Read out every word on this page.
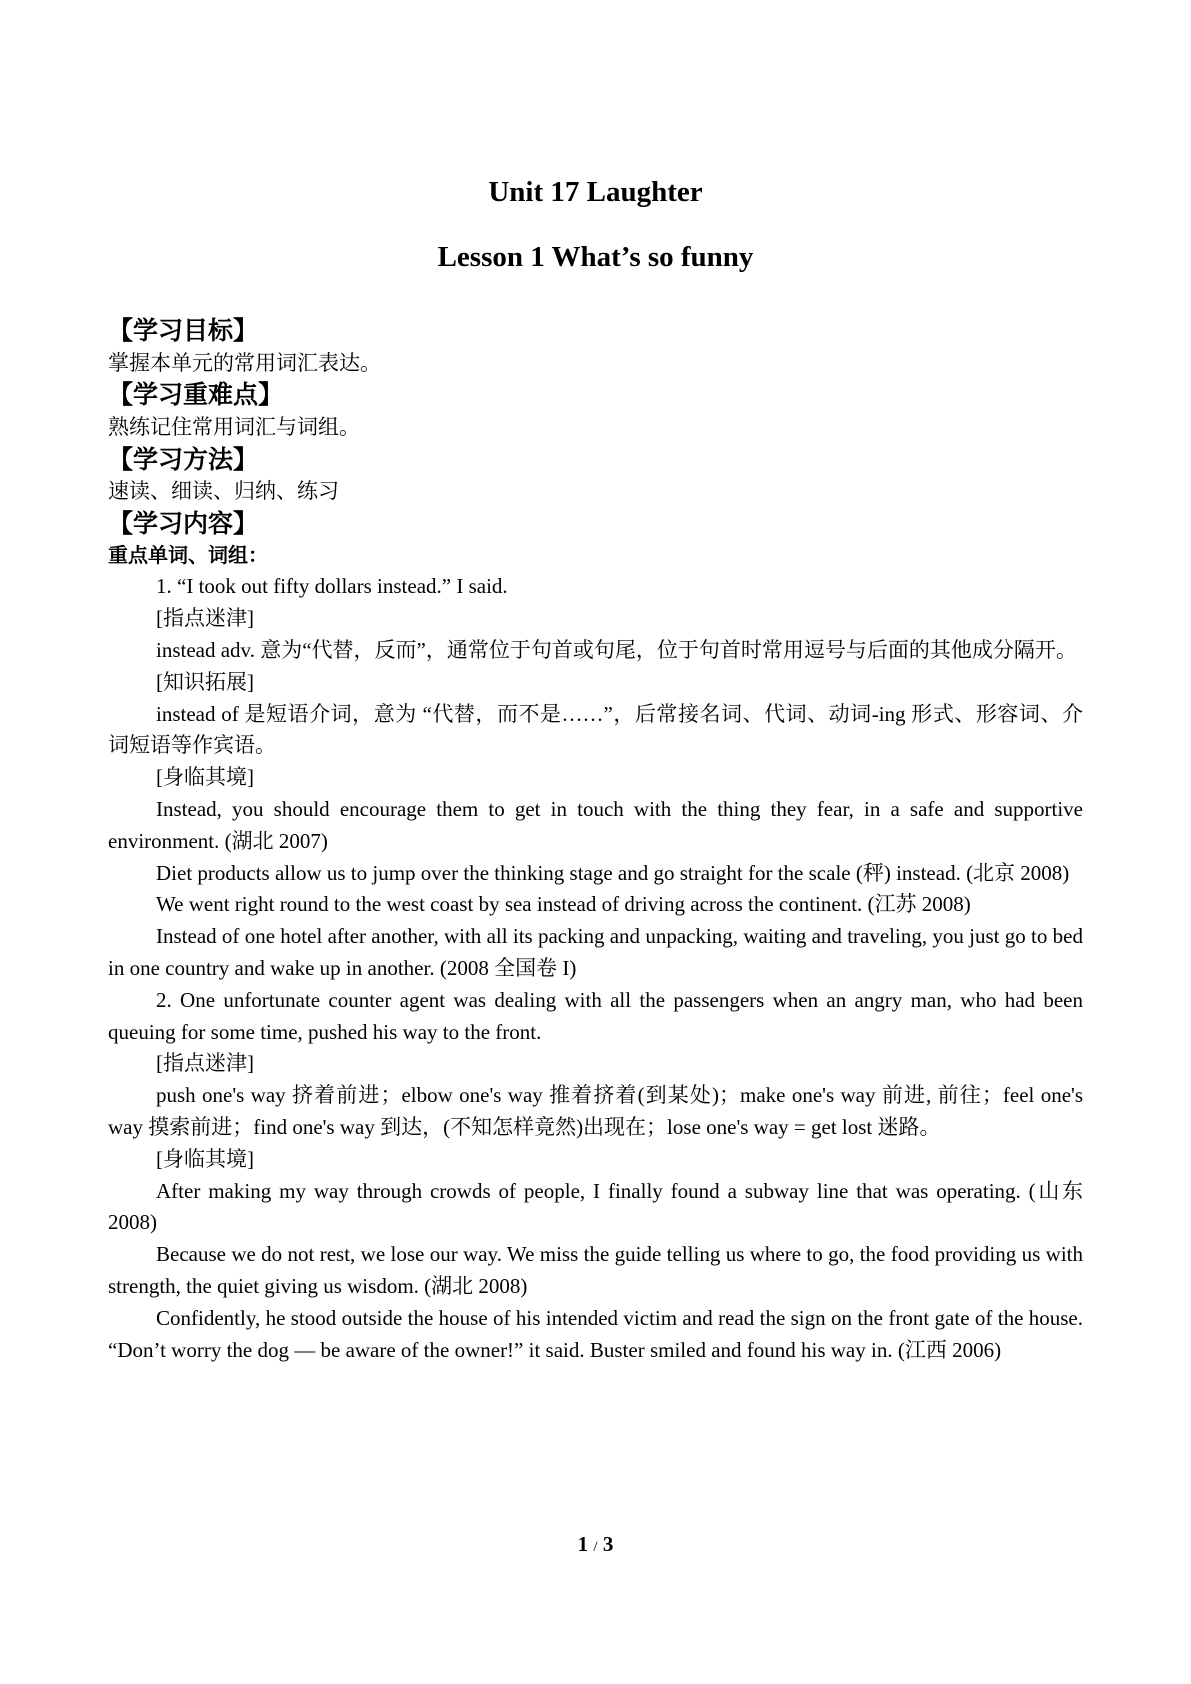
Unit 17 Laughter
Lesson 1 What’s so funny

【学习目标】

掌握本单元的常用词汇表达。

【学习重难点】

熟练记住常用词汇与词组。

【学习方法】

速读、细读、归纳、练习

【学习内容】

重点单词、词组：

1. “I took out fifty dollars instead.” I said.

[指点迷津]

instead adv. 意为“代替，反而”，通常位于句首或句尾，位于句首时常用逗号与后面的其他成分隔开。

[知识拓展]

instead of 是短语介词，意为 “代替，而不是……”，后常接名词、代词、动词-ing 形式、形容词、介词短语等作宾语。

[身临其境]

Instead, you should encourage them to get in touch with the thing they fear, in a safe and supportive environment. (湖北 2007)

Diet products allow us to jump over the thinking stage and go straight for the scale (秤) instead. (北京 2008)

We went right round to the west coast by sea instead of driving across the continent. (江苏 2008)

Instead of one hotel after another, with all its packing and unpacking, waiting and traveling, you just go to bed in one country and wake up in another. (2008 全国卷 I)

2. One unfortunate counter agent was dealing with all the passengers when an angry man, who had been queuing for some time, pushed his way to the front.

[指点迷津]

push one's way 挤着前进；elbow one's way 推着挤着(到某处)；make one's way 前进, 前往；feel one's way 摸索前进；find one's way 到达，(不知怎样竟然)出现在；lose one's way = get lost 迷路。

[身临其境]

After making my way through crowds of people, I finally found a subway line that was operating. (山东 2008)

Because we do not rest, we lose our way. We miss the guide telling us where to go, the food providing us with strength, the quiet giving us wisdom. (湖北 2008)

Confidently, he stood outside the house of his intended victim and read the sign on the front gate of the house. “Don’t worry the dog — be aware of the owner!” it said. Buster smiled and found his way in. (江西 2006)

1 / 3
